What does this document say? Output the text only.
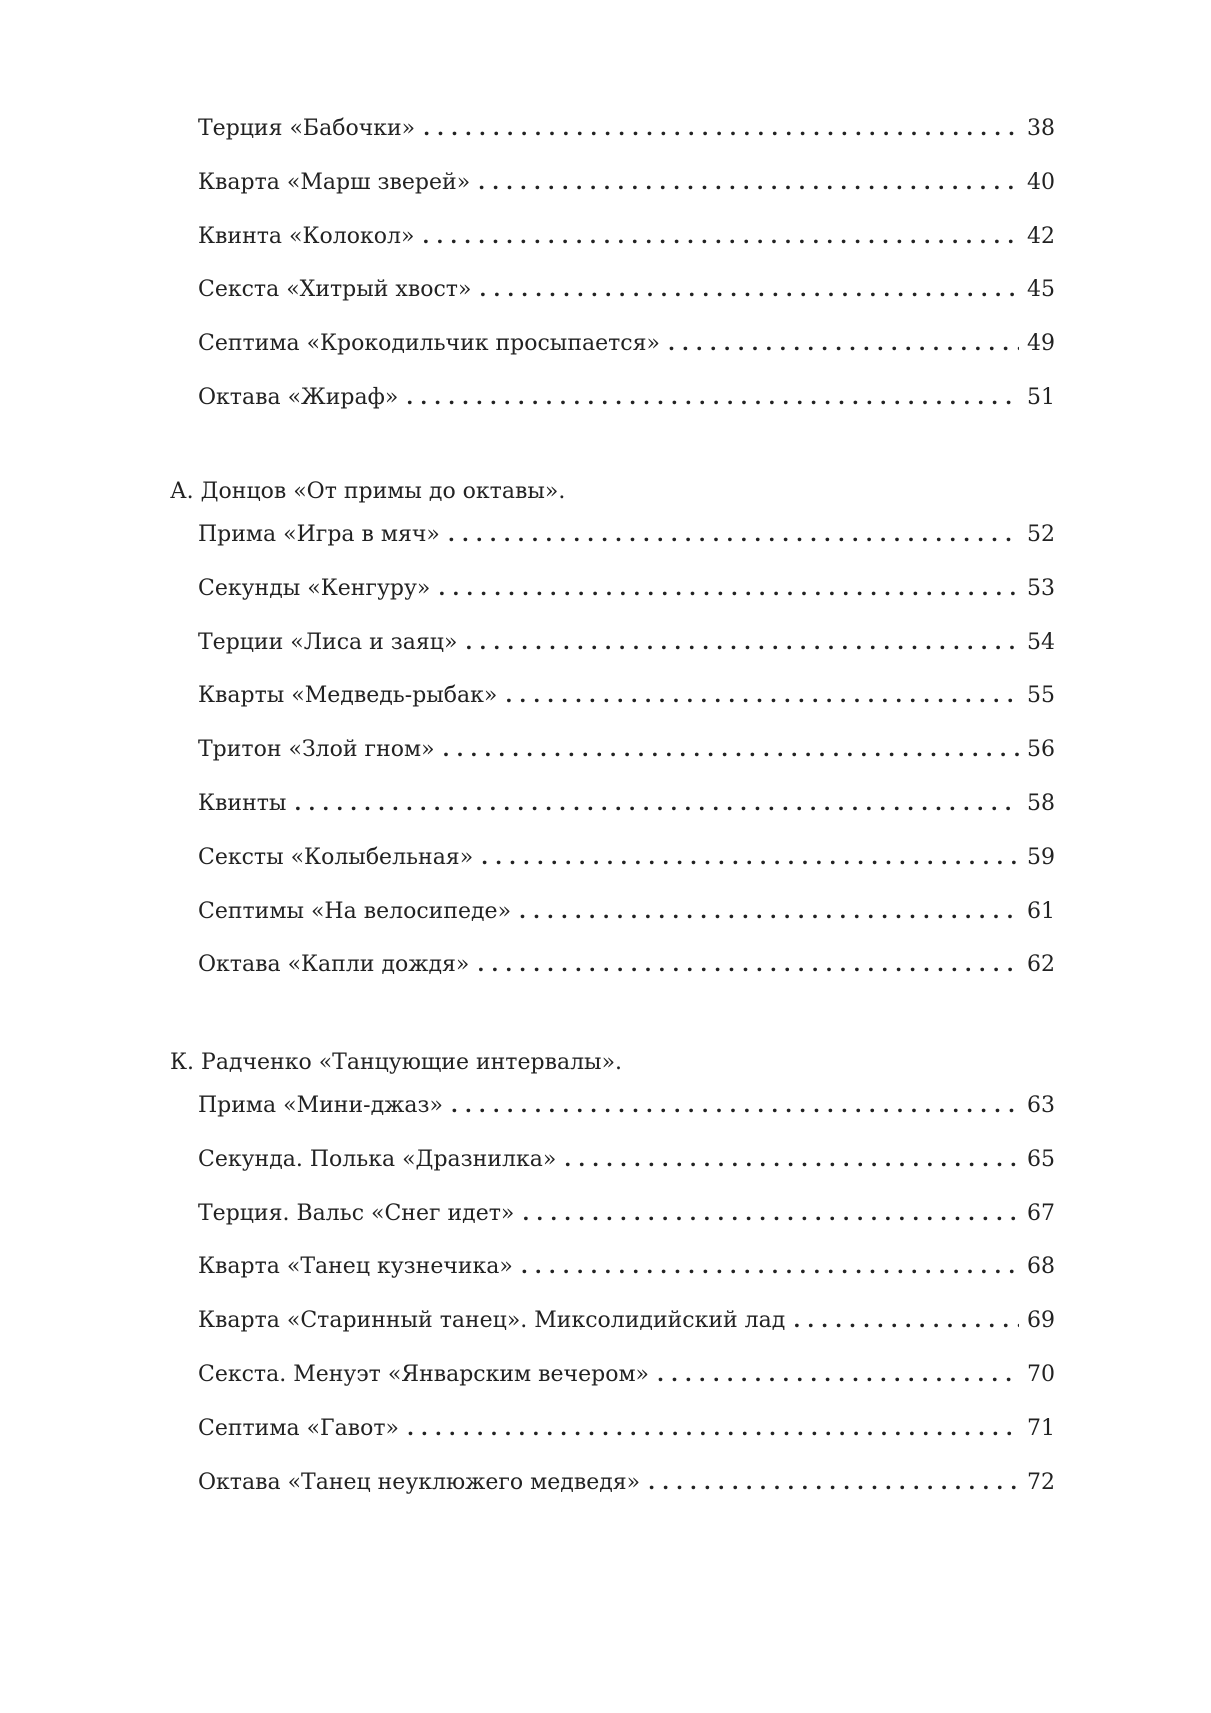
Терция «Бабочки» . . .	38
Кварта «Марш зверей» . . .	40
Квинта «Колокол» . . .	42
Секста «Хитрый хвост» . . .	45
Септима «Крокодильчик просыпается» . . .	49
Октава «Жираф» . . .	51
А. Донцов «От примы до октавы».
Прима «Игра в мяч» . . .	52
Секунды «Кенгуру» . . .	53
Терции «Лиса и заяц» . . .	54
Кварты «Медведь-рыбак» . . .	55
Тритон «Злой гном» . . .	56
Квинты . . .	58
Сексты «Колыбельная» . . .	59
Септимы «На велосипеде» . . .	61
Октава «Капли дождя» . . .	62
К. Радченко «Танцующие интервалы».
Прима «Мини-джаз» . . .	63
Секунда. Полька «Дразнилка» . . .	65
Терция. Вальс «Снег идет» . . .	67
Кварта «Танец кузнечика» . . .	68
Кварта «Старинный танец». Миксолидийский лад . . .	69
Секста. Менуэт «Январским вечером» . . .	70
Септима «Гавот» . . .	71
Октава «Танец неуклюжего медведя» . . .	72
